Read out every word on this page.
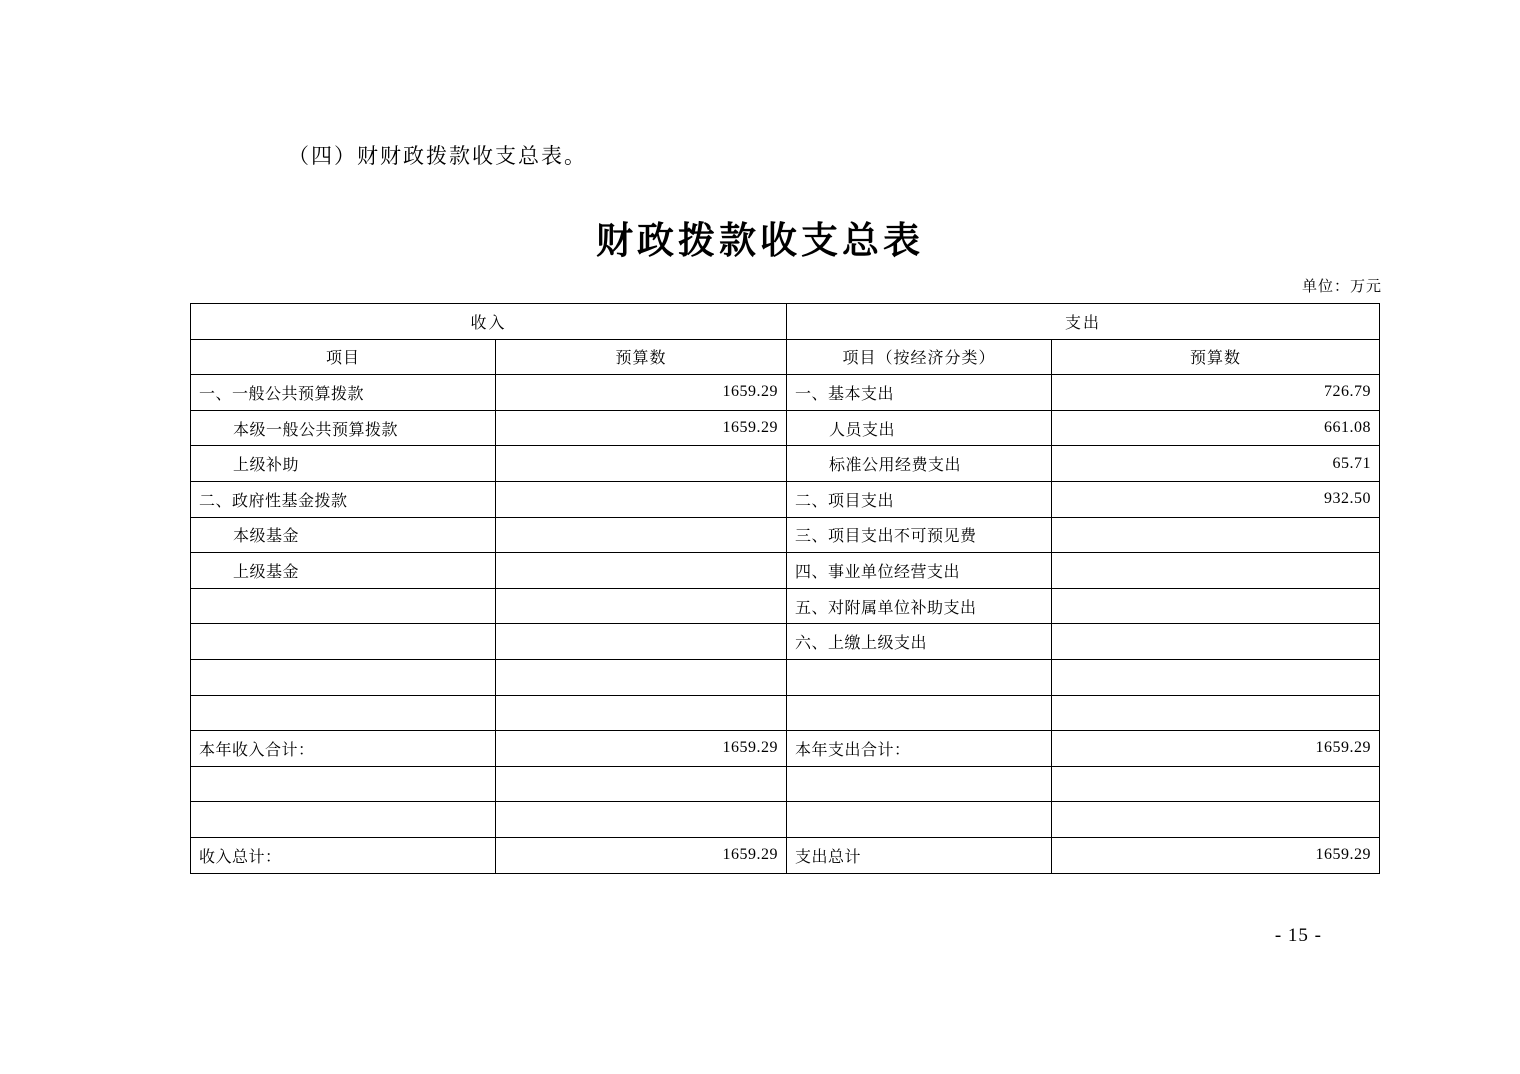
（四）财财政拨款收支总表。
财政拨款收支总表
单位：万元
收入		支出	
项目	预算数	项目（按经济分类）	预算数
一、一般公共预算拨款	1659.29	一、基本支出	726.79
本级一般公共预算拨款	1659.29	人员支出	661.08
上级补助		标准公用经费支出	65.71
二、政府性基金拨款		二、项目支出	932.50
本级基金		三、项目支出不可预见费	
上级基金		四、事业单位经营支出	
		五、对附属单位补助支出	
		六、上缴上级支出	

本年收入合计：	1659.29	本年支出合计：	1659.29

收入总计：	1659.29	支出总计	1659.29
- 15 -
